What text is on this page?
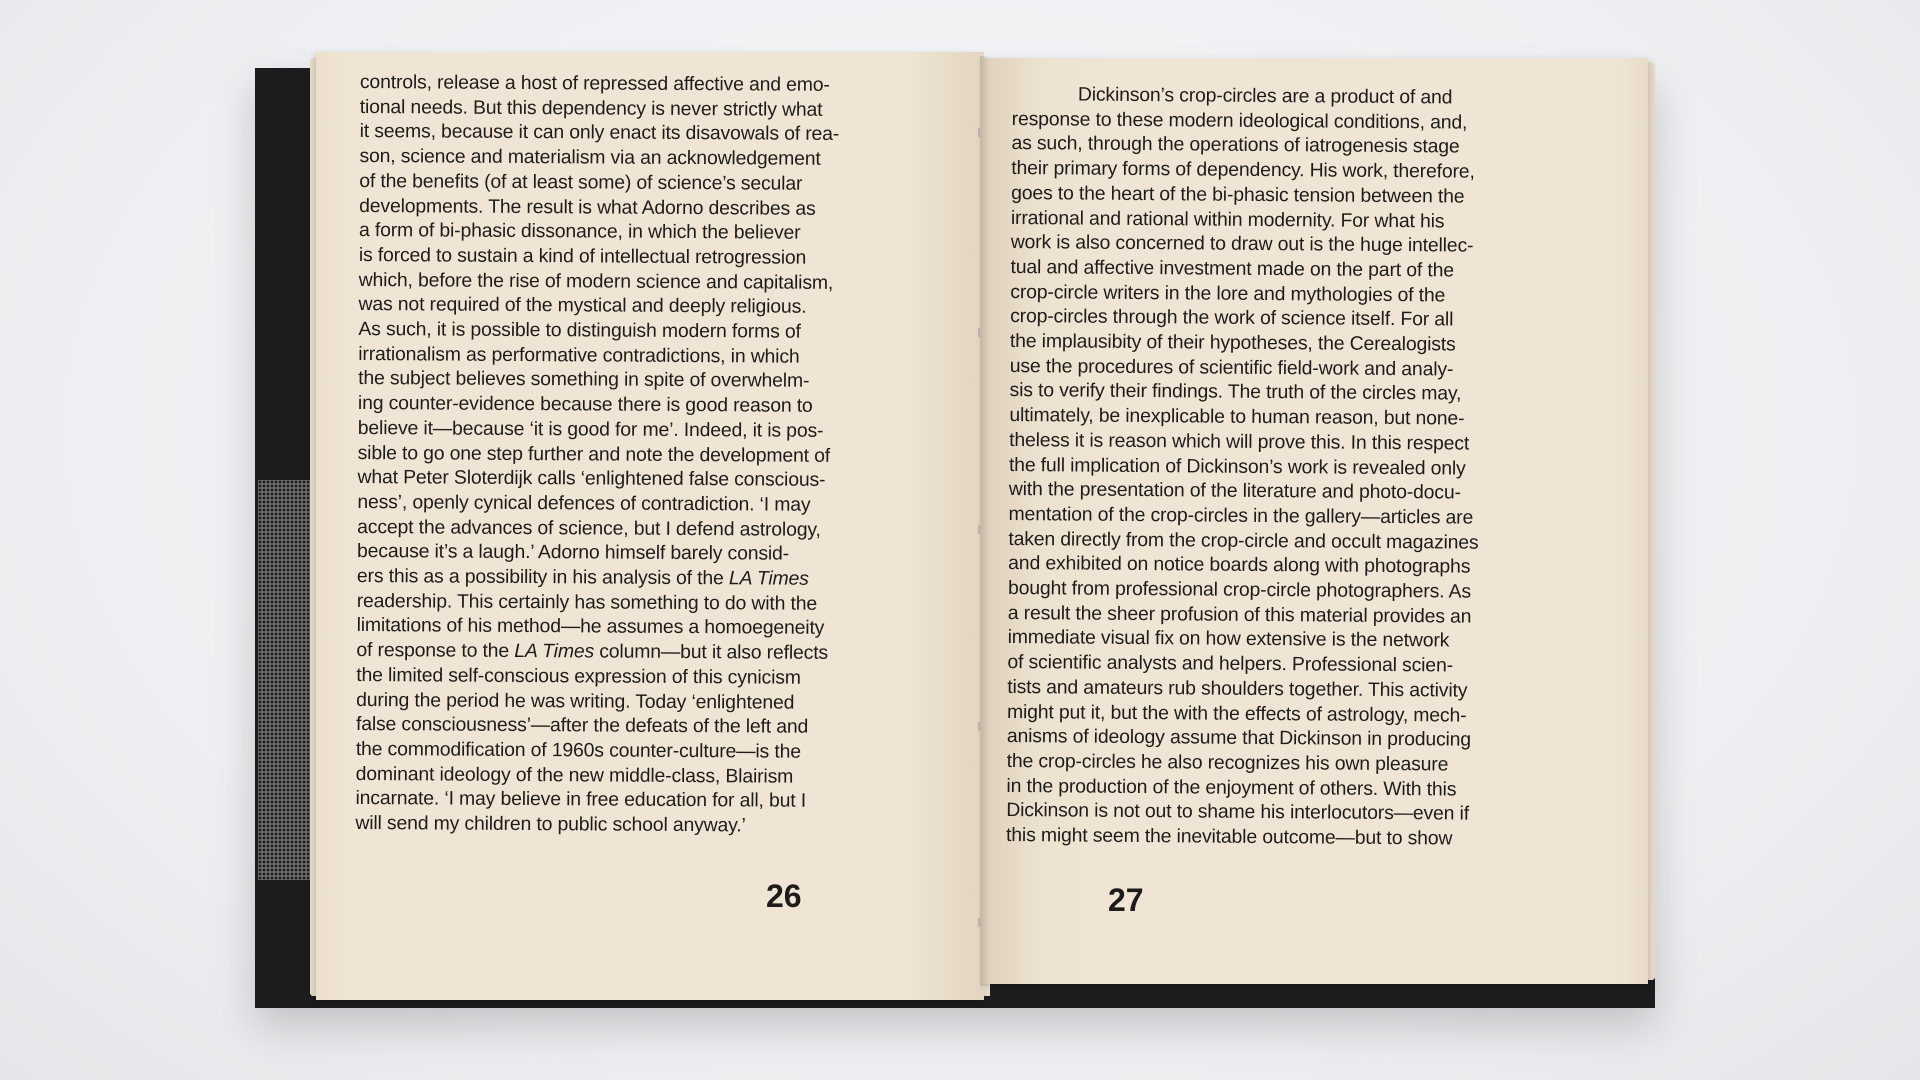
controls, release a host of repressed affective and emo-
tional needs. But this dependency is never strictly what
it seems, because it can only enact its disavowals of rea-
son, science and materialism via an acknowledgement
of the benefits (of at least some) of science’s secular
developments. The result is what Adorno describes as
a form of bi-phasic dissonance, in which the believer
is forced to sustain a kind of intellectual retrogression
which, before the rise of modern science and capitalism,
was not required of the mystical and deeply religious.
As such, it is possible to distinguish modern forms of
irrationalism as performative contradictions, in which
the subject believes something in spite of overwhelm-
ing counter-evidence because there is good reason to
believe it—because ‘it is good for me’. Indeed, it is pos-
sible to go one step further and note the development of
what Peter Sloterdijk calls ‘enlightened false conscious-
ness’, openly cynical defences of contradiction. ‘I may
accept the advances of science, but I defend astrology,
because it’s a laugh.’ Adorno himself barely consid-
ers this as a possibility in his analysis of the LA Times
readership. This certainly has something to do with the
limitations of his method—he assumes a homoegeneity
of response to the LA Times column—but it also reflects
the limited self-conscious expression of this cynicism
during the period he was writing. Today ‘enlightened
false consciousness’—after the defeats of the left and
the commodification of 1960s counter-culture—is the
dominant ideology of the new middle-class, Blairism
incarnate. ‘I may believe in free education for all, but I
will send my children to public school anyway.’
26
Dickinson’s crop-circles are a product of and
response to these modern ideological conditions, and,
as such, through the operations of iatrogenesis stage
their primary forms of dependency. His work, therefore,
goes to the heart of the bi-phasic tension between the
irrational and rational within modernity. For what his
work is also concerned to draw out is the huge intellec-
tual and affective investment made on the part of the
crop-circle writers in the lore and mythologies of the
crop-circles through the work of science itself. For all
the implausibity of their hypotheses, the Cerealogists
use the procedures of scientific field-work and analy-
sis to verify their findings. The truth of the circles may,
ultimately, be inexplicable to human reason, but none-
theless it is reason which will prove this. In this respect
the full implication of Dickinson’s work is revealed only
with the presentation of the literature and photo-docu-
mentation of the crop-circles in the gallery—articles are
taken directly from the crop-circle and occult magazines
and exhibited on notice boards along with photographs
bought from professional crop-circle photographers. As
a result the sheer profusion of this material provides an
immediate visual fix on how extensive is the network
of scientific analysts and helpers. Professional scien-
tists and amateurs rub shoulders together. This activity
might put it, but the with the effects of astrology, mech-
anisms of ideology assume that Dickinson in producing
the crop-circles he also recognizes his own pleasure
in the production of the enjoyment of others. With this
Dickinson is not out to shame his interlocutors—even if
this might seem the inevitable outcome—but to show
27
